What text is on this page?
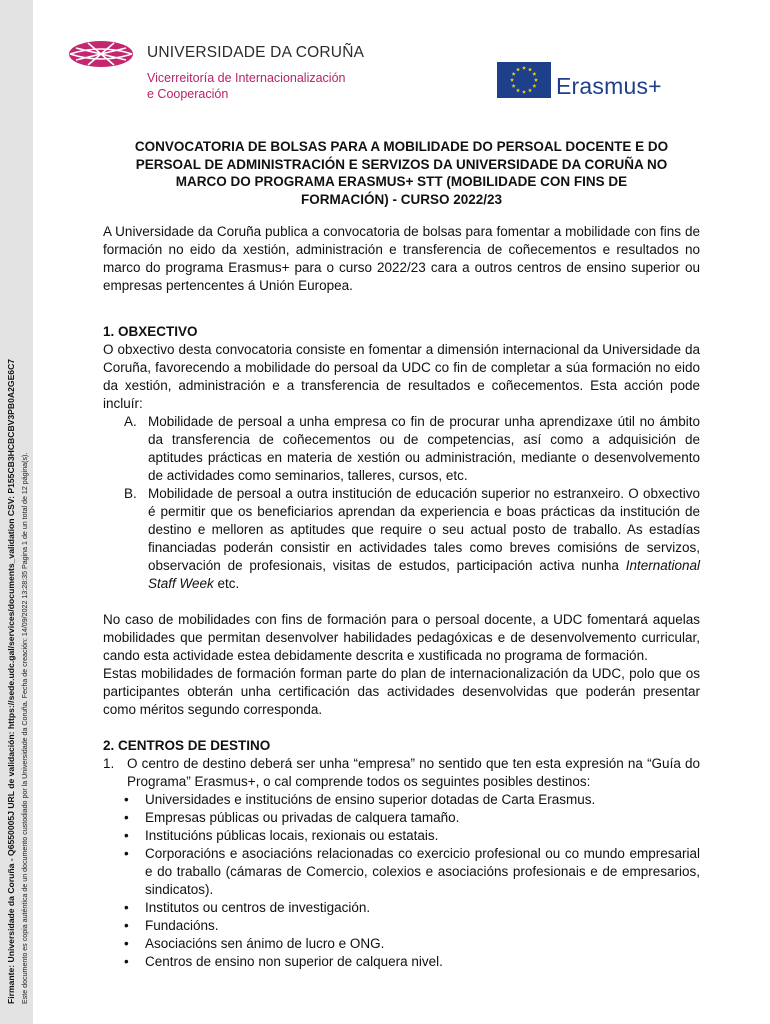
Firmante: Universidade da Coruña - Q6550005J URL de validación: https://sede.udc.gal/services/documents_validation CSV: P155CB3HCBCBV3PB0A2GE6C7 Este documento es copia auténtica de un documento custodiado por la Universidade da Coruña. Fecha de creación: 14/09/2022 13:28:35 Pagina 1 de un total de 12 página(s).
UNIVERSIDADE DA CORUÑA
Vicerreitoría de Internacionalización
e Cooperación	Erasmus+
CONVOCATORIA DE BOLSAS PARA A MOBILIDADE DO PERSOAL DOCENTE E DO
PERSOAL DE ADMINISTRACIÓN E SERVIZOS DA UNIVERSIDADE DA CORUÑA NO
MARCO DO PROGRAMA ERASMUS+ STT (MOBILIDADE CON FINS DE
FORMACIÓN) - CURSO 2022/23

A Universidade da Coruña publica a convocatoria de bolsas para fomentar a mobilidade con fins de formación no eido da xestión, administración e transferencia de coñecementos e resultados no marco do programa Erasmus+ para o curso 2022/23 cara a outros centros de ensino superior ou empresas pertencentes á Unión Europea.

1. OBXECTIVO

O obxectivo desta convocatoria consiste en fomentar a dimensión internacional da Universidade da Coruña, favorecendo a mobilidade do persoal da UDC co fin de completar a súa formación no eido da xestión, administración e a transferencia de resultados e coñecementos. Esta acción pode incluír:

A. Mobilidade de persoal a unha empresa co fin de procurar unha aprendizaxe útil no ámbito da transferencia de coñecementos ou de competencias, así como a adquisición de aptitudes prácticas en materia de xestión ou administración, mediante o desenvolvemento de actividades como seminarios, talleres, cursos, etc.
B. Mobilidade de persoal a outra institución de educación superior no estranxeiro. O obxectivo é permitir que os beneficiarios aprendan da experiencia e boas prácticas da institución de destino e melloren as aptitudes que require o seu actual posto de traballo. As estadías financiadas poderán consistir en actividades tales como breves comisións de servizos, observación de profesionais, visitas de estudos, participación activa nunha International Staff Week etc.

No caso de mobilidades con fins de formación para o persoal docente, a UDC fomentará aquelas mobilidades que permitan desenvolver habilidades pedagóxicas e de desenvolvemento curricular, cando esta actividade estea debidamente descrita e xustificada no programa de formación.

Estas mobilidades de formación forman parte do plan de internacionalización da UDC, polo que os participantes obterán unha certificación das actividades desenvolvidas que poderán presentar como méritos segundo corresponda.

2. CENTROS DE DESTINO
1. O centro de destino deberá ser unha “empresa” no sentido que ten esta expresión na “Guía do Programa” Erasmus+, o cal comprende todos os seguintes posibles destinos:
• Universidades e institucións de ensino superior dotadas de Carta Erasmus.
• Empresas públicas ou privadas de calquera tamaño.
• Institucións públicas locais, rexionais ou estatais.
• Corporacións e asociacións relacionadas co exercicio profesional ou co mundo empresarial e do traballo (cámaras de Comercio, colexios e asociacións profesionais e de empresarios, sindicatos).
• Institutos ou centros de investigación.
• Fundacións.
• Asociacións sen ánimo de lucro e ONG.
• Centros de ensino non superior de calquera nivel.
